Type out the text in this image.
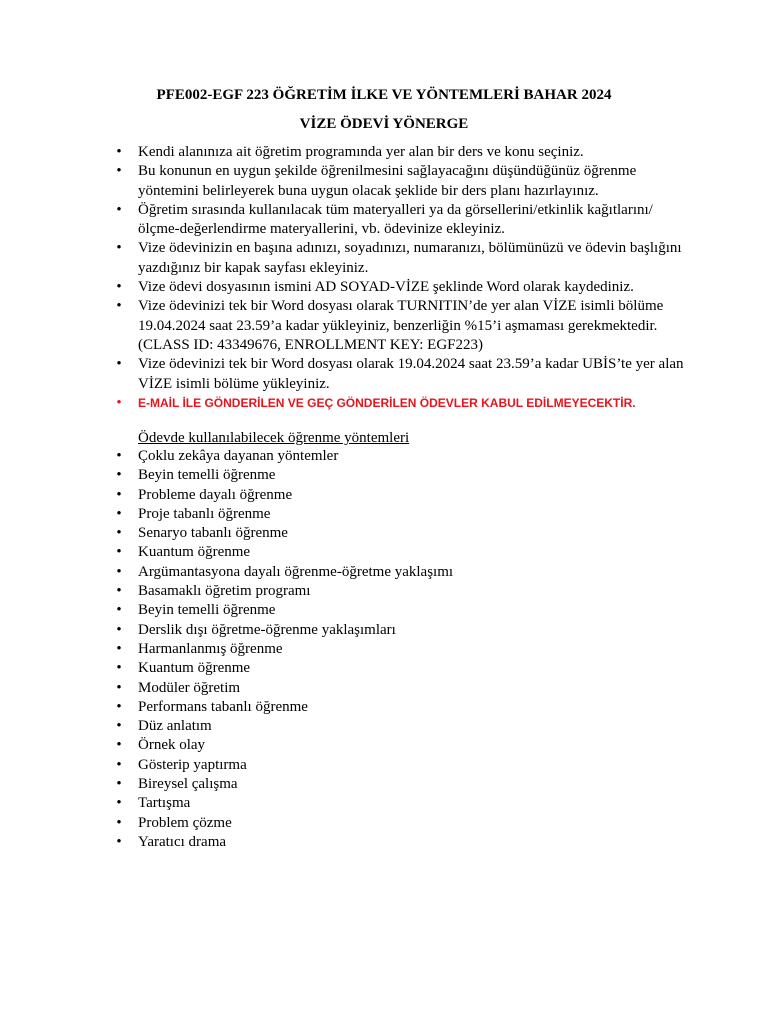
PFE002-EGF 223 ÖĞRETİM İLKE VE YÖNTEMLERİ BAHAR 2024
VİZE ÖDEVİ YÖNERGE
• Kendi alanınıza ait öğretim programında yer alan bir ders ve konu seçiniz.
• Bu konunun en uygun şekilde öğrenilmesini sağlayacağını düşündüğünüz öğrenme yöntemini belirleyerek buna uygun olacak şeklide bir ders planı hazırlayınız.
• Öğretim sırasında kullanılacak tüm materyalleri ya da görsellerini/etkinlik kağıtlarını/ölçme-değerlendirme materyallerini, vb. ödevinize ekleyiniz.
• Vize ödevinizin en başına adınızı, soyadınızı, numaranızı, bölümünüzü ve ödevin başlığını yazdığınız bir kapak sayfası ekleyiniz.
• Vize ödevi dosyasının ismini AD SOYAD-VİZE şeklinde Word olarak kaydediniz.
• Vize ödevinizi tek bir Word dosyası olarak TURNITIN’de yer alan VİZE isimli bölüme 19.04.2024 saat 23.59’a kadar yükleyiniz, benzerliğin %15’i aşmaması gerekmektedir. (CLASS ID: 43349676, ENROLLMENT KEY: EGF223)
• Vize ödevinizi tek bir Word dosyası olarak 19.04.2024 saat 23.59’a kadar UBİS’te yer alan VİZE isimli bölüme yükleyiniz.
• E-MAİL İLE GÖNDERİLEN VE GEÇ GÖNDERİLEN ÖDEVLER KABUL EDİLMEYECEKTİR.
Ödevde kullanılabilecek öğrenme yöntemleri
• Çoklu zekâya dayanan yöntemler
• Beyin temelli öğrenme
• Probleme dayalı öğrenme
• Proje tabanlı öğrenme
• Senaryo tabanlı öğrenme
• Kuantum öğrenme
• Argümantasyona dayalı öğrenme-öğretme yaklaşımı
• Basamaklı öğretim programı
• Beyin temelli öğrenme
• Derslik dışı öğretme-öğrenme yaklaşımları
• Harmanlanmış öğrenme
• Kuantum öğrenme
• Modüler öğretim
• Performans tabanlı öğrenme
• Düz anlatım
• Örnek olay
• Gösterip yaptırma
• Bireysel çalışma
• Tartışma
• Problem çözme
• Yaratıcı drama
